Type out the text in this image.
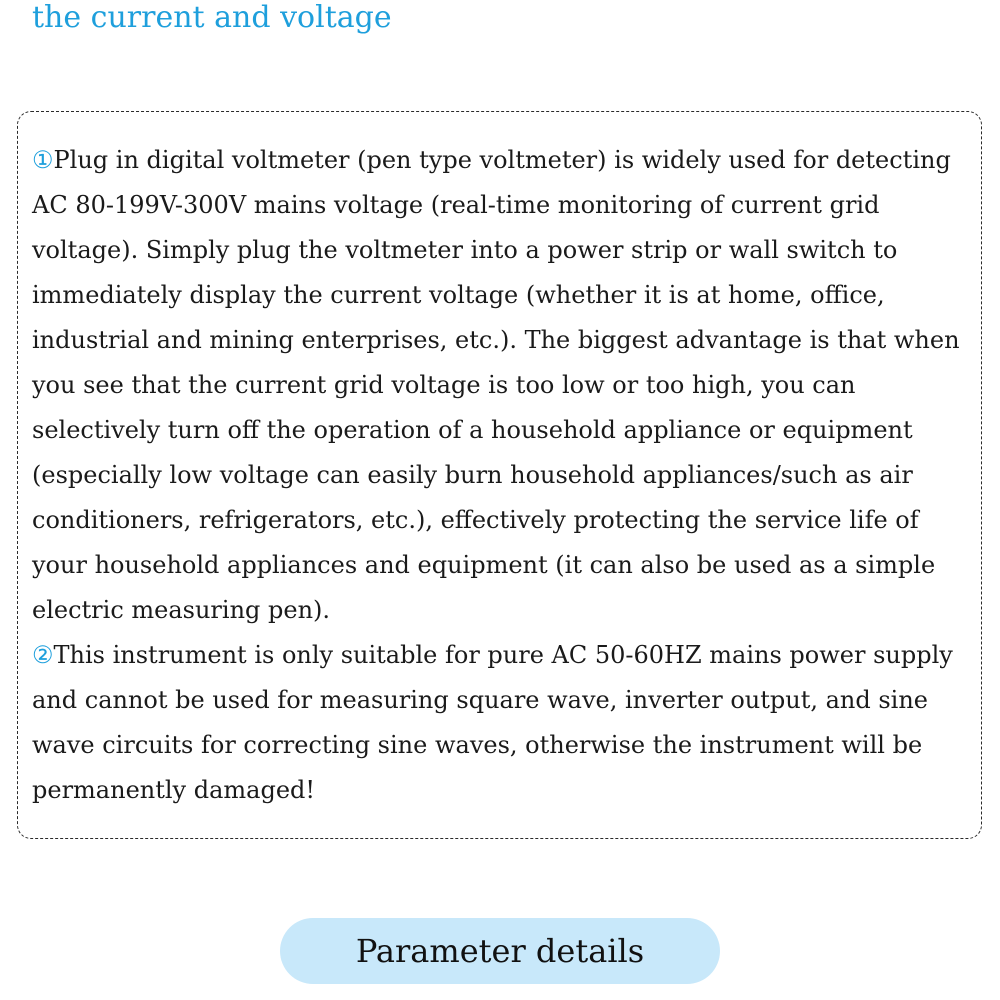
the current and voltage

①Plug in digital voltmeter (pen type voltmeter) is widely used for detecting AC 80-199V-300V mains voltage (real-time monitoring of current grid voltage). Simply plug the voltmeter into a power strip or wall switch to immediately display the current voltage (whether it is at home, office, industrial and mining enterprises, etc.). The biggest advantage is that when you see that the current grid voltage is too low or too high, you can selectively turn off the operation of a household appliance or equipment (especially low voltage can easily burn household appliances/such as air conditioners, refrigerators, etc.), effectively protecting the service life of your household appliances and equipment (it can also be used as a simple electric measuring pen).

②This instrument is only suitable for pure AC 50-60HZ mains power supply and cannot be used for measuring square wave, inverter output, and sine wave circuits for correcting sine waves, otherwise the instrument will be permanently damaged!

Parameter details
